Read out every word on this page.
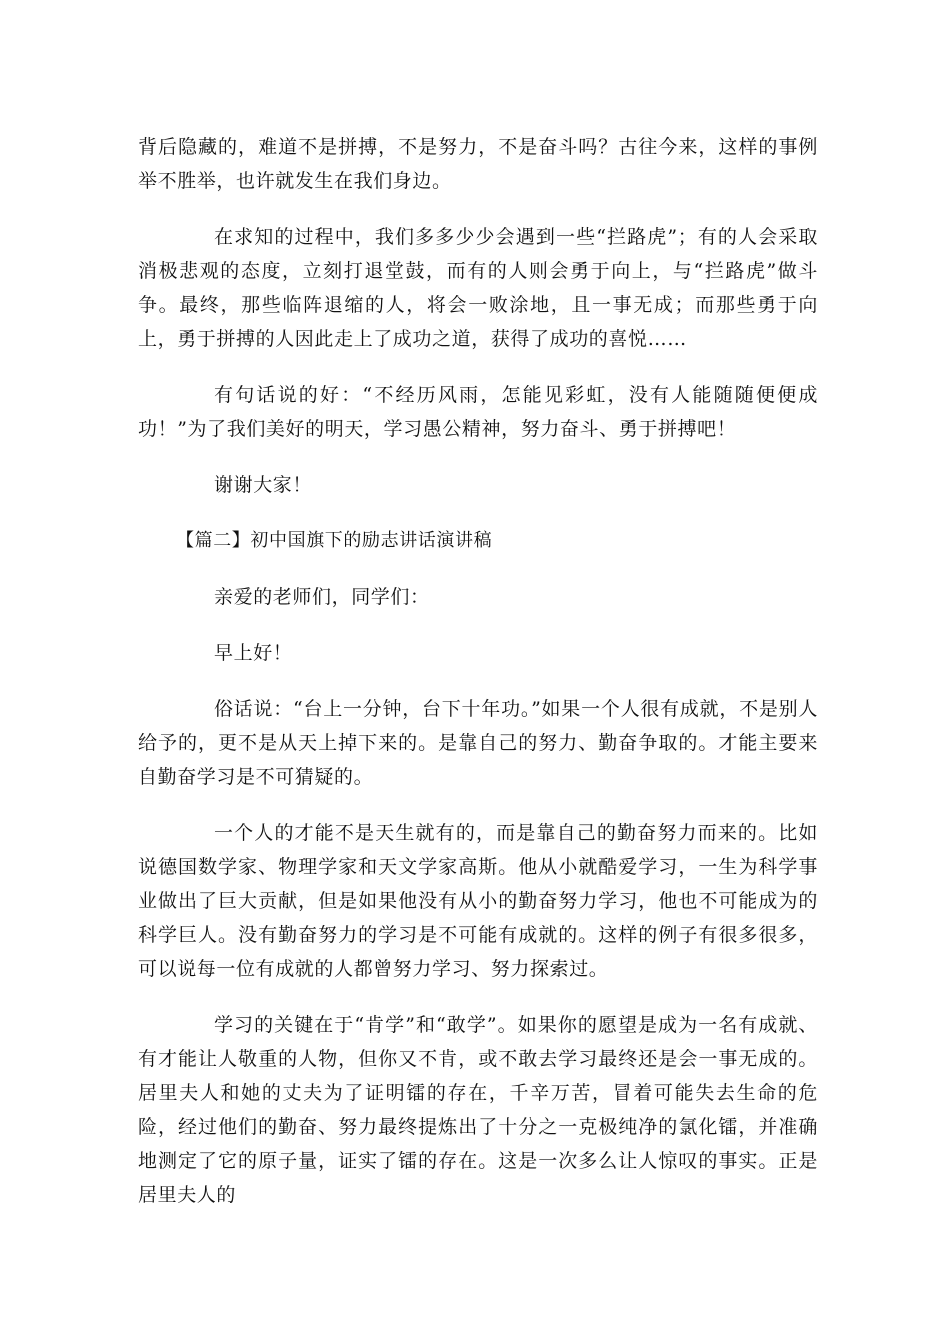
背后隐藏的，难道不是拼搏，不是努力，不是奋斗吗？古往今来，这样的事例举不胜举，也许就发生在我们身边。

在求知的过程中，我们多多少少会遇到一些“拦路虎”；有的人会采取消极悲观的态度，立刻打退堂鼓，而有的人则会勇于向上，与“拦路虎”做斗争。最终，那些临阵退缩的人，将会一败涂地，且一事无成；而那些勇于向上，勇于拼搏的人因此走上了成功之道，获得了成功的喜悦……

有句话说的好：“不经历风雨，怎能见彩虹，没有人能随随便便成功！”为了我们美好的明天，学习愚公精神，努力奋斗、勇于拼搏吧！

谢谢大家！

【篇二】初中国旗下的励志讲话演讲稿

亲爱的老师们，同学们：

早上好！

俗话说：“台上一分钟，台下十年功。”如果一个人很有成就，不是别人给予的，更不是从天上掉下来的。是靠自己的努力、勤奋争取的。才能主要来自勤奋学习是不可猜疑的。

一个人的才能不是天生就有的，而是靠自己的勤奋努力而来的。比如说德国数学家、物理学家和天文学家高斯。他从小就酷爱学习，一生为科学事业做出了巨大贡献，但是如果他没有从小的勤奋努力学习，他也不可能成为的科学巨人。没有勤奋努力的学习是不可能有成就的。这样的例子有很多很多，可以说每一位有成就的人都曾努力学习、努力探索过。

学习的关键在于“肯学”和“敢学”。如果你的愿望是成为一名有成就、有才能让人敬重的人物，但你又不肯，或不敢去学习最终还是会一事无成的。居里夫人和她的丈夫为了证明镭的存在，千辛万苦，冒着可能失去生命的危险，经过他们的勤奋、努力最终提炼出了十分之一克极纯净的氯化镭，并准确地测定了它的原子量，证实了镭的存在。这是一次多么让人惊叹的事实。正是居里夫人的
